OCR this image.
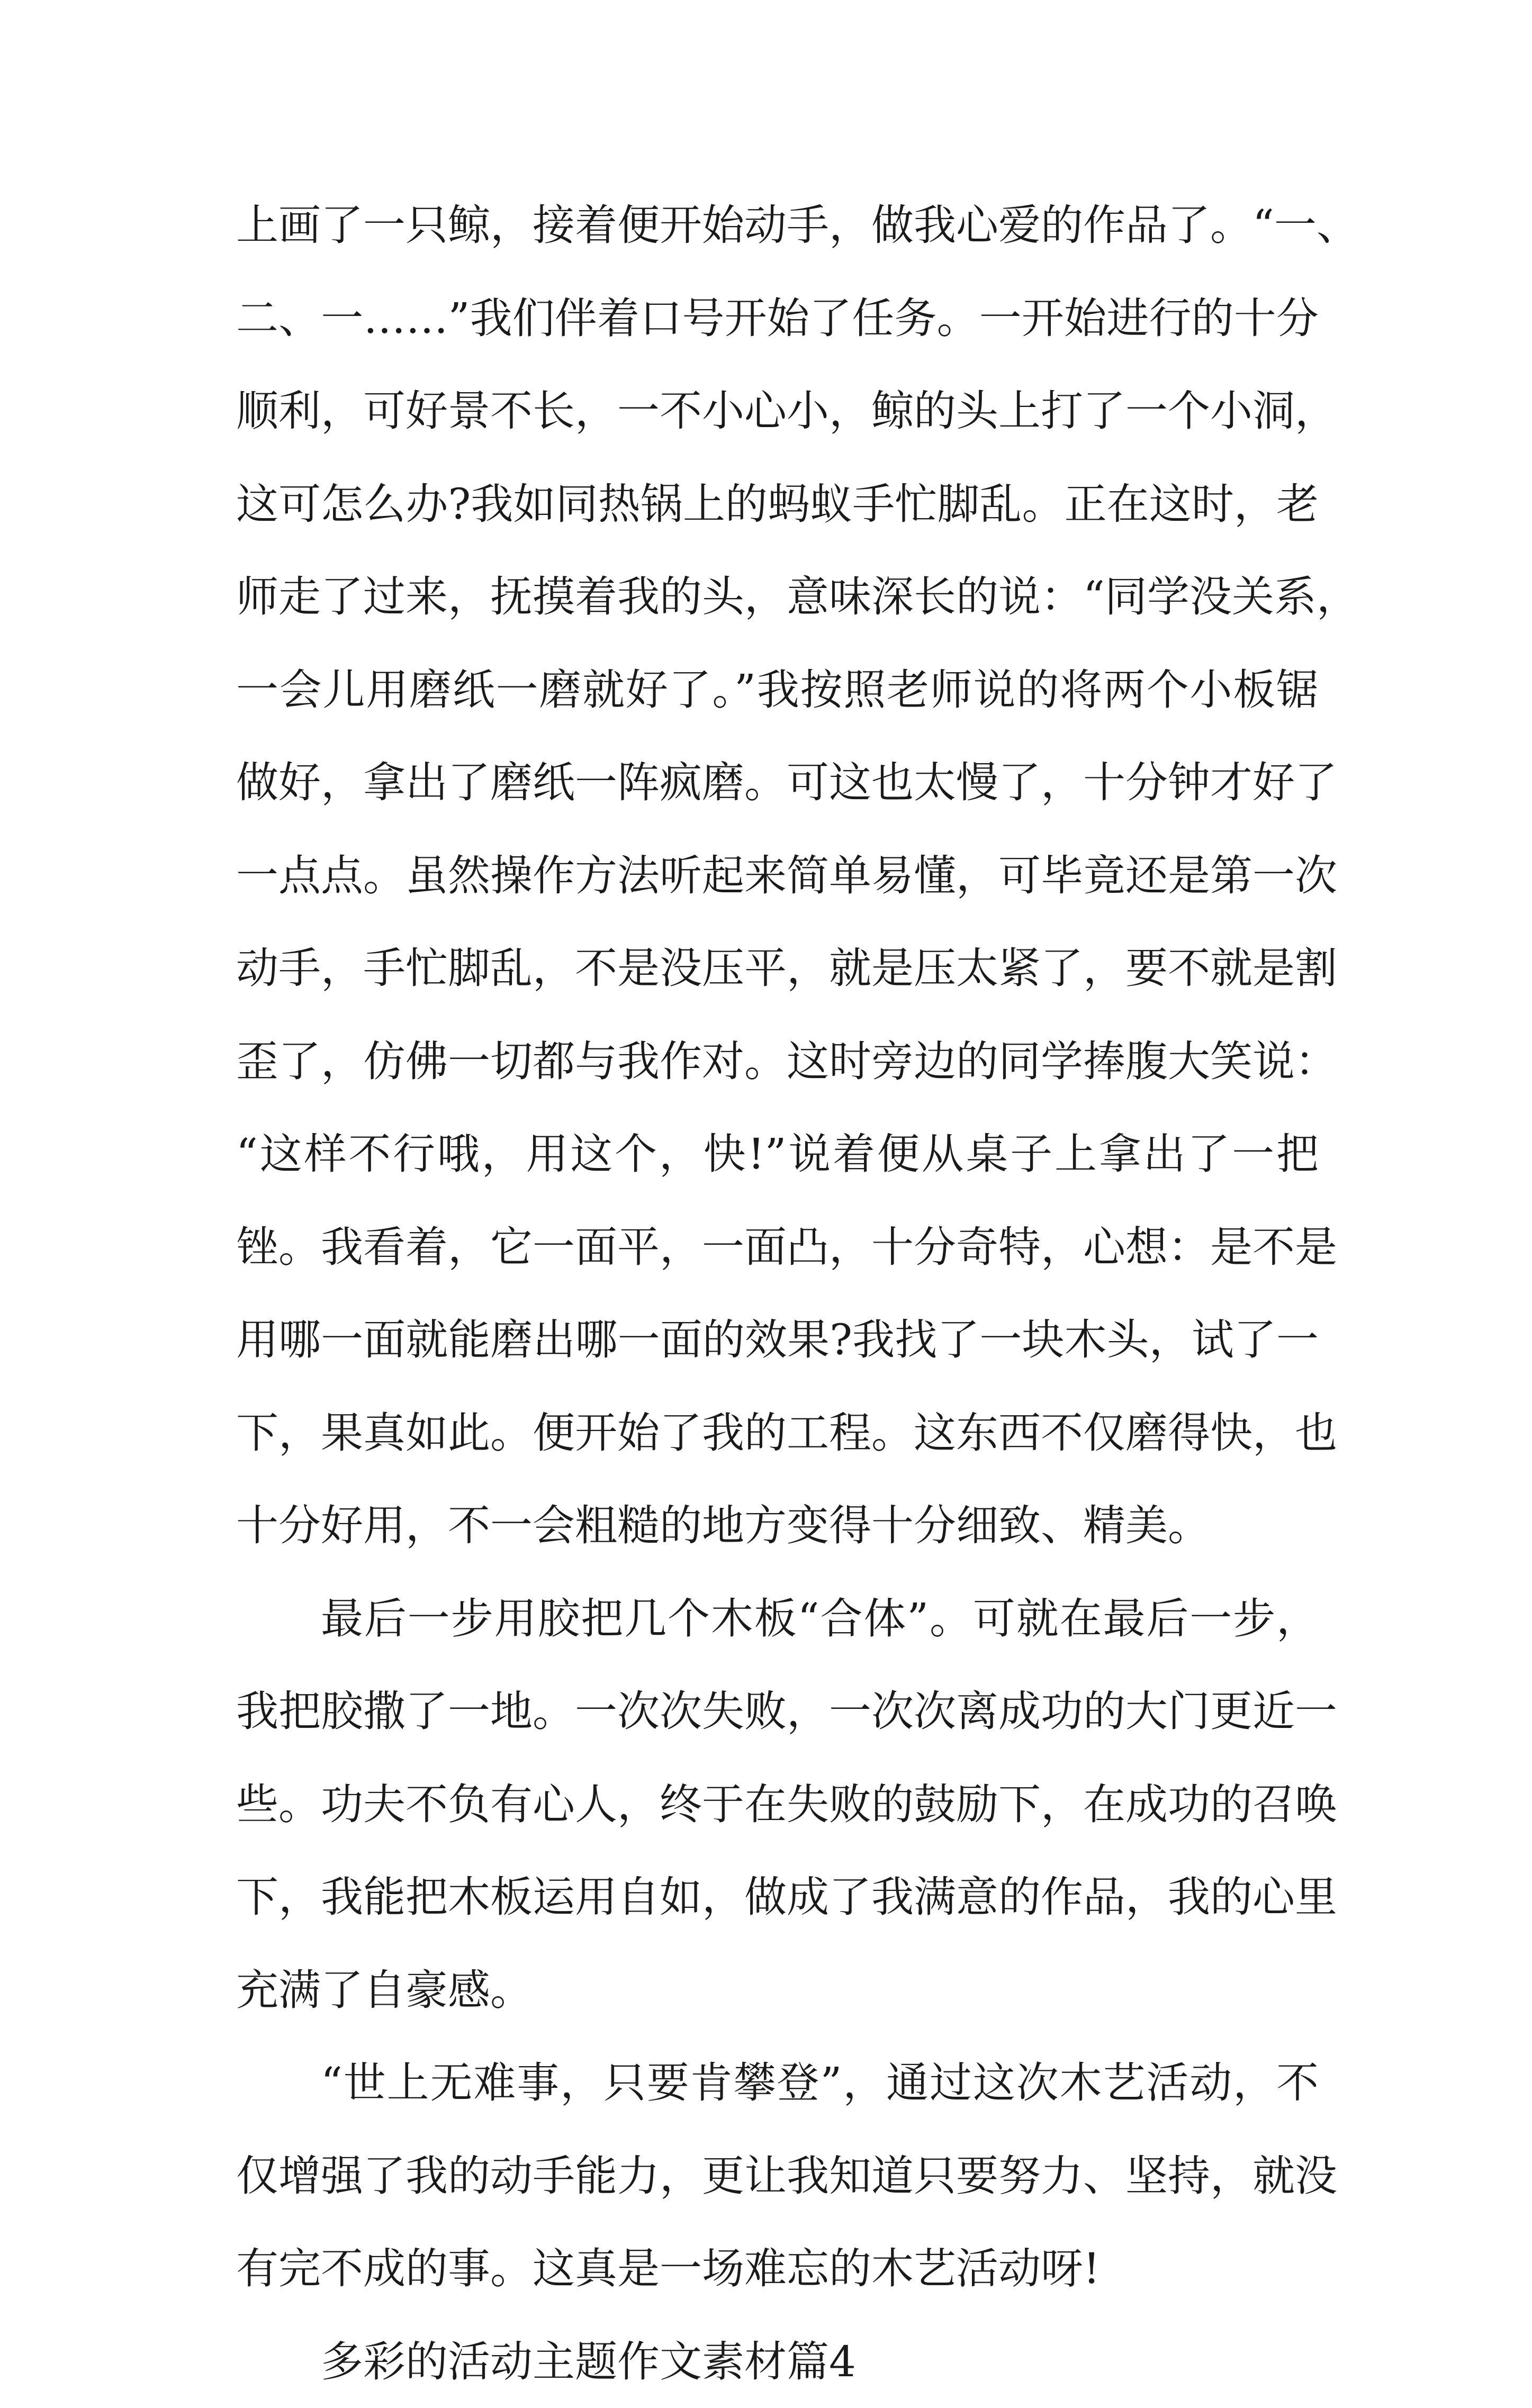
上画了一只鲸，接着便开始动手，做我心爱的作品了。“一、
二、一……”我们伴着口号开始了任务。一开始进行的十分
顺利，可好景不长，一不小心小，鲸的头上打了一个小洞，
这可怎么办?我如同热锅上的蚂蚁手忙脚乱。正在这时，老
师走了过来，抚摸着我的头，意味深长的说：“同学没关系，
一会儿用磨纸一磨就好了。”我按照老师说的将两个小板锯
做好，拿出了磨纸一阵疯磨。可这也太慢了，十分钟才好了
一点点。虽然操作方法听起来简单易懂，可毕竟还是第一次
动手，手忙脚乱，不是没压平，就是压太紧了，要不就是割
歪了，仿佛一切都与我作对。这时旁边的同学捧腹大笑说：
“这样不行哦，用这个，快!”说着便从桌子上拿出了一把
锉。我看着，它一面平，一面凸，十分奇特，心想：是不是
用哪一面就能磨出哪一面的效果?我找了一块木头，试了一
下，果真如此。便开始了我的工程。这东西不仅磨得快，也
十分好用，不一会粗糙的地方变得十分细致、精美。
最后一步用胶把几个木板“合体”。可就在最后一步，
我把胶撒了一地。一次次失败，一次次离成功的大门更近一
些。功夫不负有心人，终于在失败的鼓励下，在成功的召唤
下，我能把木板运用自如，做成了我满意的作品，我的心里
充满了自豪感。
“世上无难事，只要肯攀登”，通过这次木艺活动，不
仅增强了我的动手能力，更让我知道只要努力、坚持，就没
有完不成的事。这真是一场难忘的木艺活动呀!
多彩的活动主题作文素材篇4
